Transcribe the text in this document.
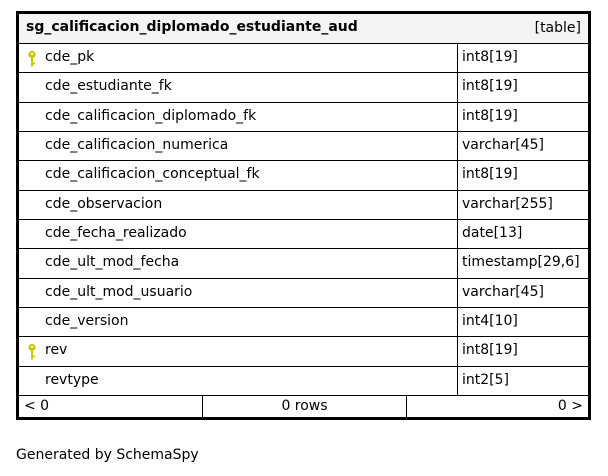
sg_calificacion_diplomado_estudiante_aud	[table]
cde_pk	int8[19]
cde_estudiante_fk	int8[19]
cde_calificacion_diplomado_fk	int8[19]
cde_calificacion_numerica	varchar[45]
cde_calificacion_conceptual_fk	int8[19]
cde_observacion	varchar[255]
cde_fecha_realizado	date[13]
cde_ult_mod_fecha	timestamp[29,6]
cde_ult_mod_usuario	varchar[45]
cde_version	int4[10]
rev	int8[19]
revtype	int2[5]
< 0	0 rows	0 >
Generated by SchemaSpy
